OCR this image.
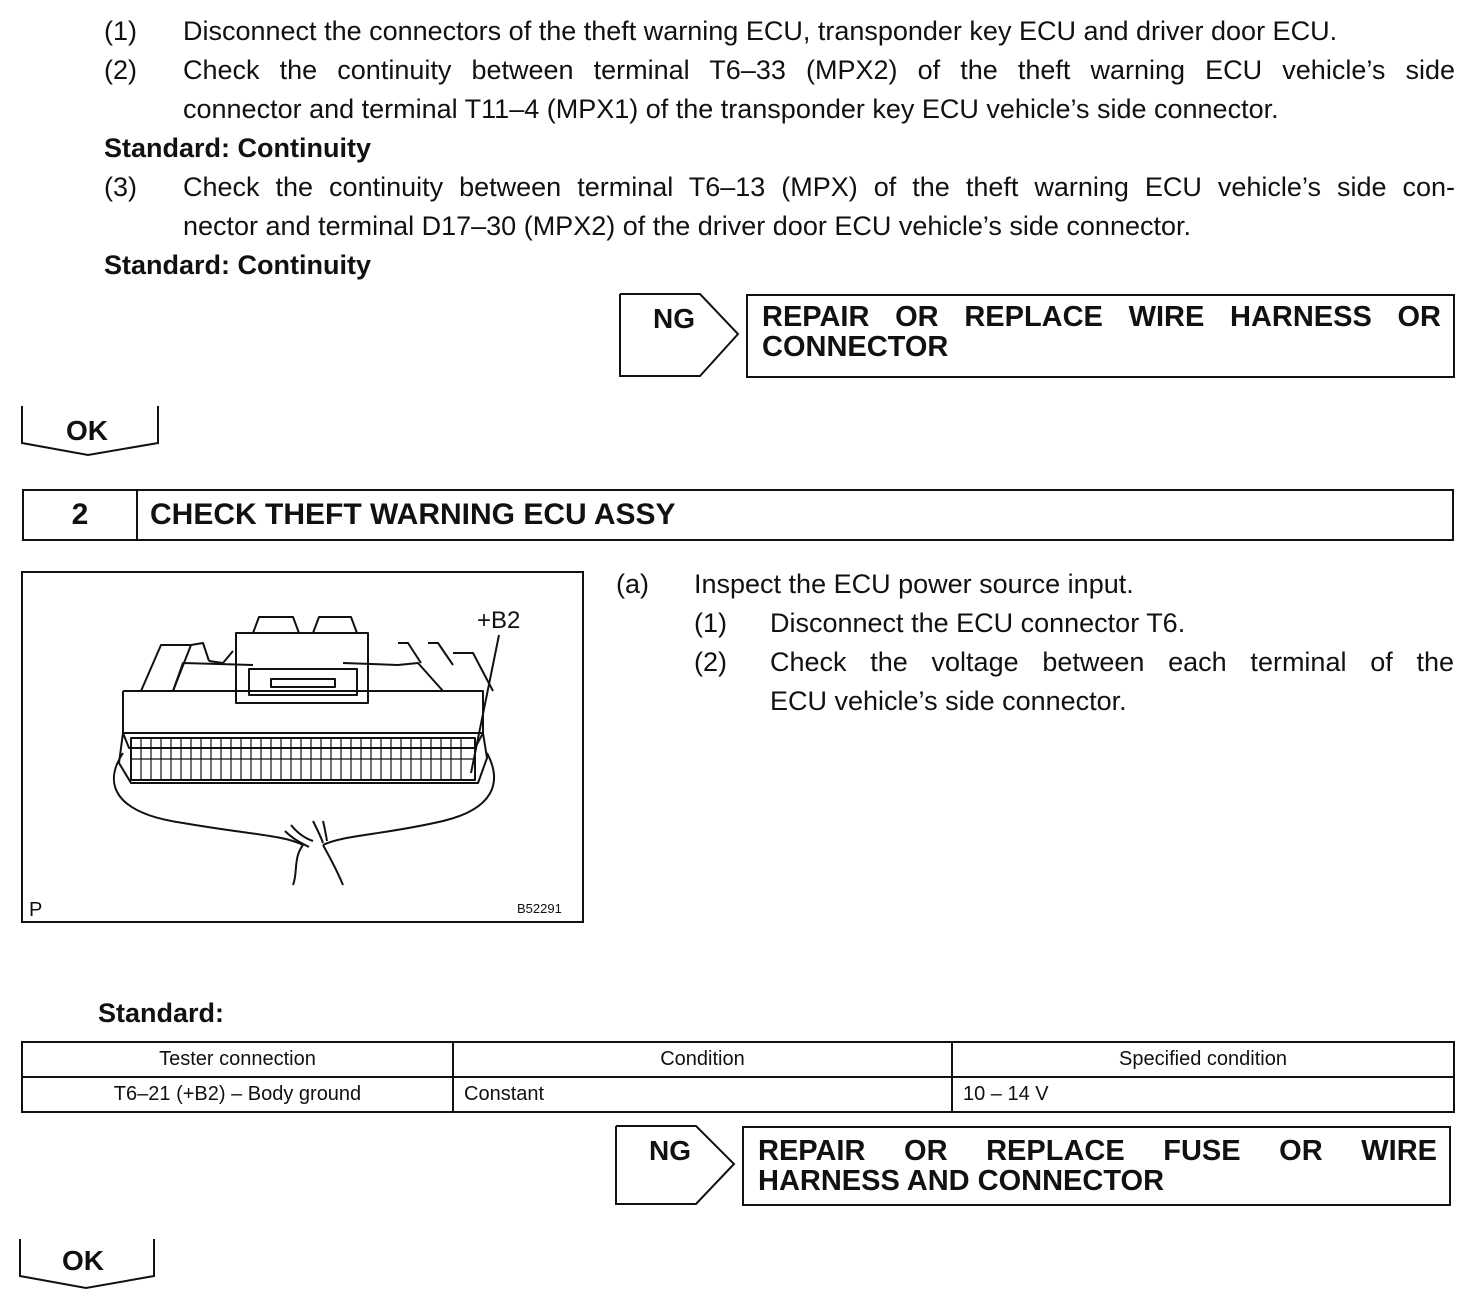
(1) Disconnect the connectors of the theft warning ECU, transponder key ECU and driver door ECU.
(2) Check the continuity between terminal T6–33 (MPX2) of the theft warning ECU vehicle’s side
connector and terminal T11–4 (MPX1) of the transponder key ECU vehicle’s side connector.
Standard: Continuity
(3) Check the continuity between terminal T6–13 (MPX) of the theft warning ECU vehicle’s side con-
nector and terminal D17–30 (MPX2) of the driver door ECU vehicle’s side connector.
Standard: Continuity
NG REPAIR OR REPLACE WIRE HARNESS OR
CONNECTOR
OK
2	CHECK THEFT WARNING ECU ASSY
+B2
P	B52291
(a) Inspect the ECU power source input.
(1) Disconnect the ECU connector T6.
(2) Check the voltage between each terminal of the
ECU vehicle’s side connector.
Standard:
Tester connection	Condition	Specified condition
T6–21 (+B2) – Body ground	Constant	10 – 14 V
NG REPAIR OR REPLACE FUSE OR WIRE
HARNESS AND CONNECTOR
OK
